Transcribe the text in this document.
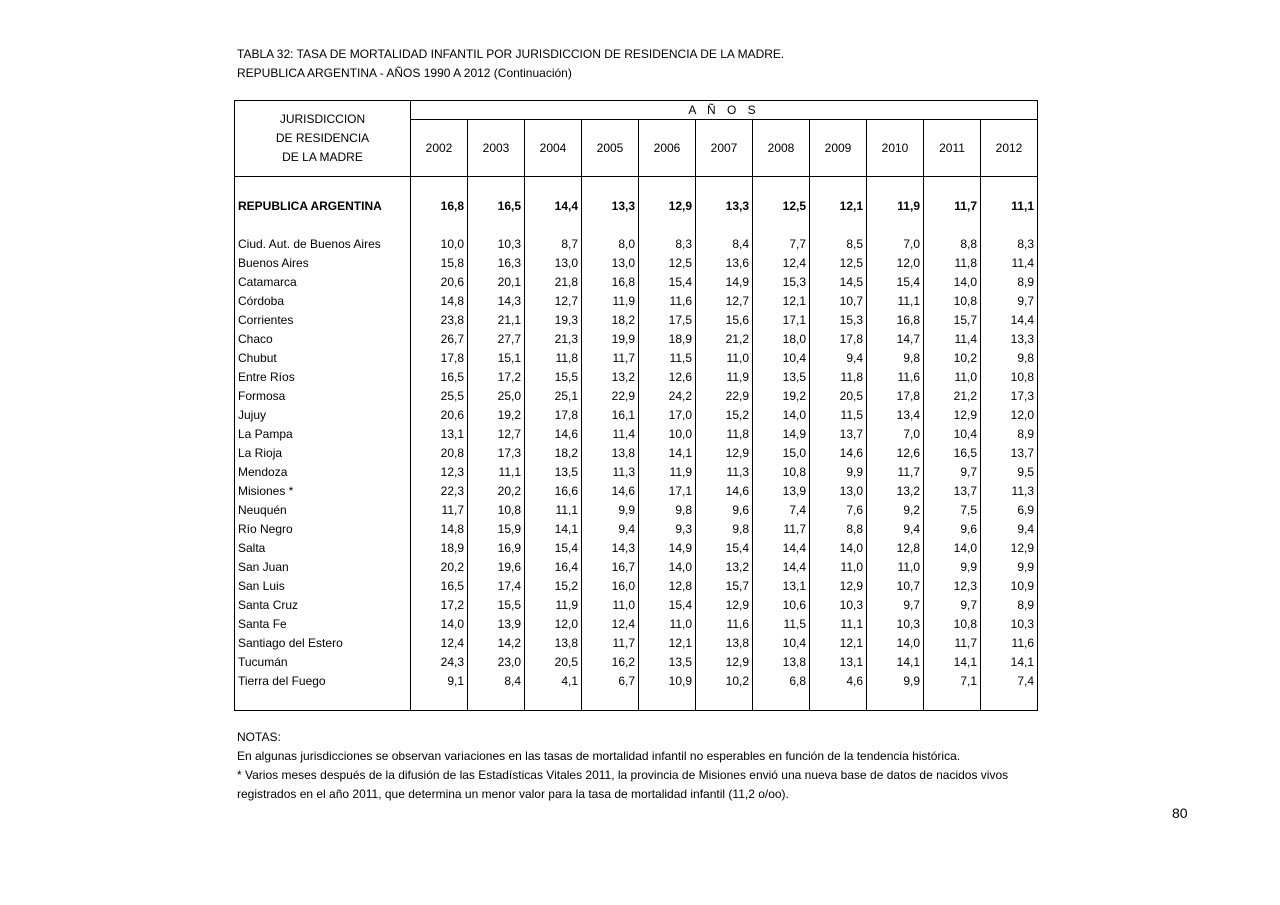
TABLA 32: TASA DE MORTALIDAD INFANTIL POR JURISDICCION DE RESIDENCIA DE LA MADRE.
REPUBLICA ARGENTINA - AÑOS 1990 A 2012 (Continuación)
JURISDICCION
DE RESIDENCIA
DE LA MADRE	A Ñ O S										
	2002	2003	2004	2005	2006	2007	2008	2009	2010	2011	2012

REPUBLICA ARGENTINA	16,8	16,5	14,4	13,3	12,9	13,3	12,5	12,1	11,9	11,7	11,1

Ciud. Aut. de Buenos Aires	10,0	10,3	8,7	8,0	8,3	8,4	7,7	8,5	7,0	8,8	8,3
Buenos Aires	15,8	16,3	13,0	13,0	12,5	13,6	12,4	12,5	12,0	11,8	11,4
Catamarca	20,6	20,1	21,8	16,8	15,4	14,9	15,3	14,5	15,4	14,0	8,9
Córdoba	14,8	14,3	12,7	11,9	11,6	12,7	12,1	10,7	11,1	10,8	9,7
Corrientes	23,8	21,1	19,3	18,2	17,5	15,6	17,1	15,3	16,8	15,7	14,4
Chaco	26,7	27,7	21,3	19,9	18,9	21,2	18,0	17,8	14,7	11,4	13,3
Chubut	17,8	15,1	11,8	11,7	11,5	11,0	10,4	9,4	9,8	10,2	9,8
Entre Ríos	16,5	17,2	15,5	13,2	12,6	11,9	13,5	11,8	11,6	11,0	10,8
Formosa	25,5	25,0	25,1	22,9	24,2	22,9	19,2	20,5	17,8	21,2	17,3
Jujuy	20,6	19,2	17,8	16,1	17,0	15,2	14,0	11,5	13,4	12,9	12,0
La Pampa	13,1	12,7	14,6	11,4	10,0	11,8	14,9	13,7	7,0	10,4	8,9
La Rioja	20,8	17,3	18,2	13,8	14,1	12,9	15,0	14,6	12,6	16,5	13,7
Mendoza	12,3	11,1	13,5	11,3	11,9	11,3	10,8	9,9	11,7	9,7	9,5
Misiones *	22,3	20,2	16,6	14,6	17,1	14,6	13,9	13,0	13,2	13,7	11,3
Neuquén	11,7	10,8	11,1	9,9	9,8	9,6	7,4	7,6	9,2	7,5	6,9
Río Negro	14,8	15,9	14,1	9,4	9,3	9,8	11,7	8,8	9,4	9,6	9,4
Salta	18,9	16,9	15,4	14,3	14,9	15,4	14,4	14,0	12,8	14,0	12,9
San Juan	20,2	19,6	16,4	16,7	14,0	13,2	14,4	11,0	11,0	9,9	9,9
San Luis	16,5	17,4	15,2	16,0	12,8	15,7	13,1	12,9	10,7	12,3	10,9
Santa Cruz	17,2	15,5	11,9	11,0	15,4	12,9	10,6	10,3	9,7	9,7	8,9
Santa Fe	14,0	13,9	12,0	12,4	11,0	11,6	11,5	11,1	10,3	10,8	10,3
Santiago del Estero	12,4	14,2	13,8	11,7	12,1	13,8	10,4	12,1	14,0	11,7	11,6
Tucumán	24,3	23,0	20,5	16,2	13,5	12,9	13,8	13,1	14,1	14,1	14,1
Tierra del Fuego	9,1	8,4	4,1	6,7	10,9	10,2	6,8	4,6	9,9	7,1	7,4

NOTAS:
En algunas jurisdicciones se observan variaciones en las tasas de mortalidad infantil no esperables en función de la tendencia histórica.
* Varios meses después de la difusión de las Estadísticas Vitales 2011, la provincia de Misiones envió una nueva base de datos de nacidos vivos
registrados en el año 2011, que determina un menor valor para la tasa de mortalidad infantil (11,2 o/oo).
80
